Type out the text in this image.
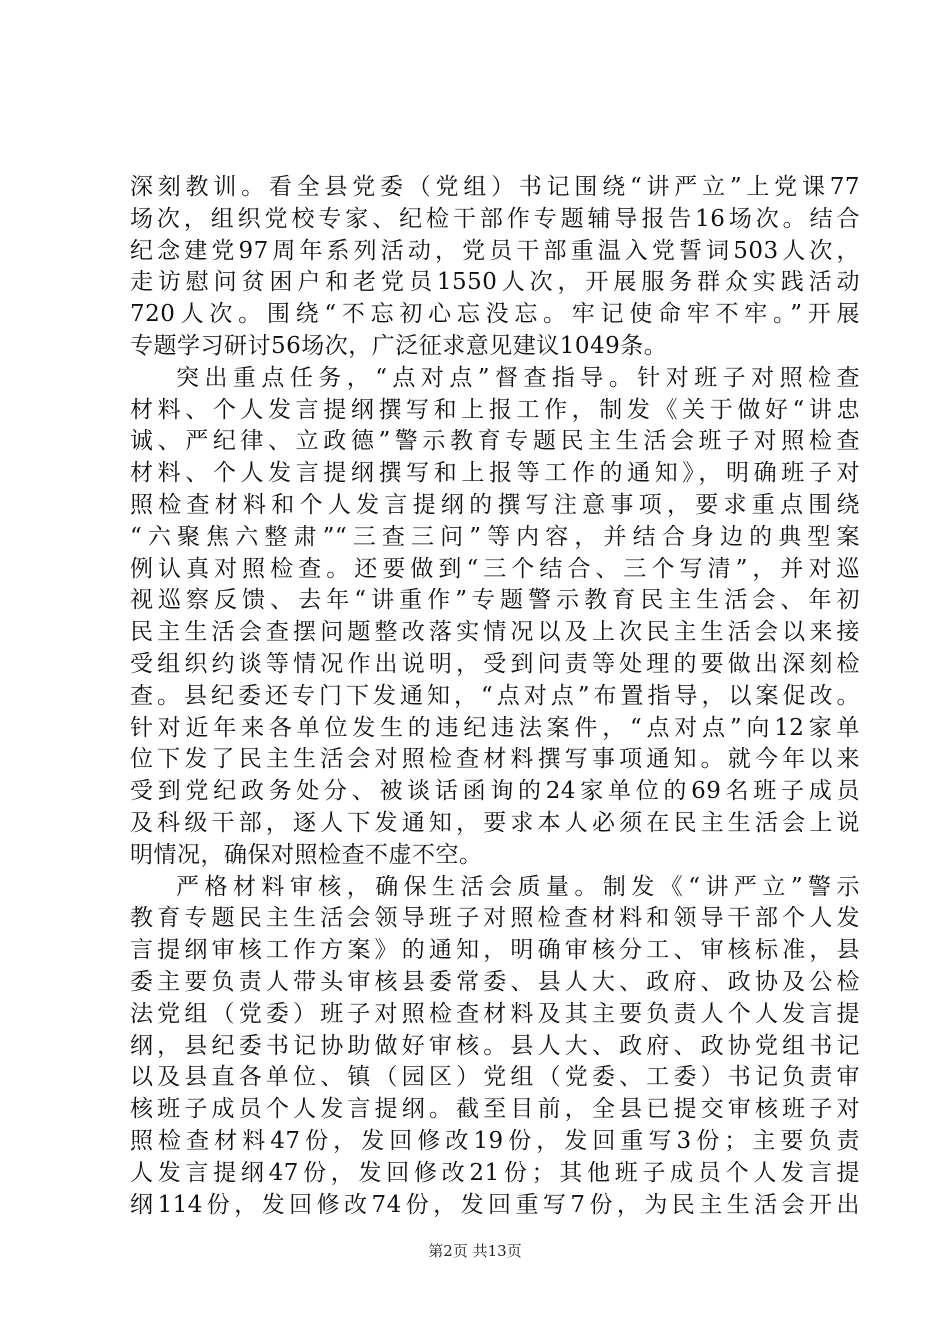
深刻教训。看全县党委（党组）书记围绕“讲严立”上党课77
场次，组织党校专家、纪检干部作专题辅导报告16场次。结合
纪念建党97周年系列活动，党员干部重温入党誓词503人次，
走访慰问贫困户和老党员1550人次，开展服务群众实践活动
720人次。围绕“不忘初心忘没忘。牢记使命牢不牢。”开展
专题学习研讨56场次，广泛征求意见建议1049条。
突出重点任务，“点对点”督查指导。针对班子对照检查
材料、个人发言提纲撰写和上报工作，制发《关于做好“讲忠
诚、严纪律、立政德”警示教育专题民主生活会班子对照检查
材料、个人发言提纲撰写和上报等工作的通知》，明确班子对
照检查材料和个人发言提纲的撰写注意事项，要求重点围绕
“六聚焦六整肃”“三查三问”等内容，并结合身边的典型案
例认真对照检查。还要做到“三个结合、三个写清”，并对巡
视巡察反馈、去年“讲重作”专题警示教育民主生活会、年初
民主生活会查摆问题整改落实情况以及上次民主生活会以来接
受组织约谈等情况作出说明，受到问责等处理的要做出深刻检
查。县纪委还专门下发通知，“点对点”布置指导，以案促改。
针对近年来各单位发生的违纪违法案件，“点对点”向12家单
位下发了民主生活会对照检查材料撰写事项通知。就今年以来
受到党纪政务处分、被谈话函询的24家单位的69名班子成员
及科级干部，逐人下发通知，要求本人必须在民主生活会上说
明情况，确保对照检查不虚不空。
严格材料审核，确保生活会质量。制发《“讲严立”警示
教育专题民主生活会领导班子对照检查材料和领导干部个人发
言提纲审核工作方案》的通知，明确审核分工、审核标准，县
委主要负责人带头审核县委常委、县人大、政府、政协及公检
法党组（党委）班子对照检查材料及其主要负责人个人发言提
纲，县纪委书记协助做好审核。县人大、政府、政协党组书记
以及县直各单位、镇（园区）党组（党委、工委）书记负责审
核班子成员个人发言提纲。截至目前，全县已提交审核班子对
照检查材料47份，发回修改19份，发回重写3份；主要负责
人发言提纲47份，发回修改21份；其他班子成员个人发言提
纲114份，发回修改74份，发回重写7份，为民主生活会开出
第2页 共13页
